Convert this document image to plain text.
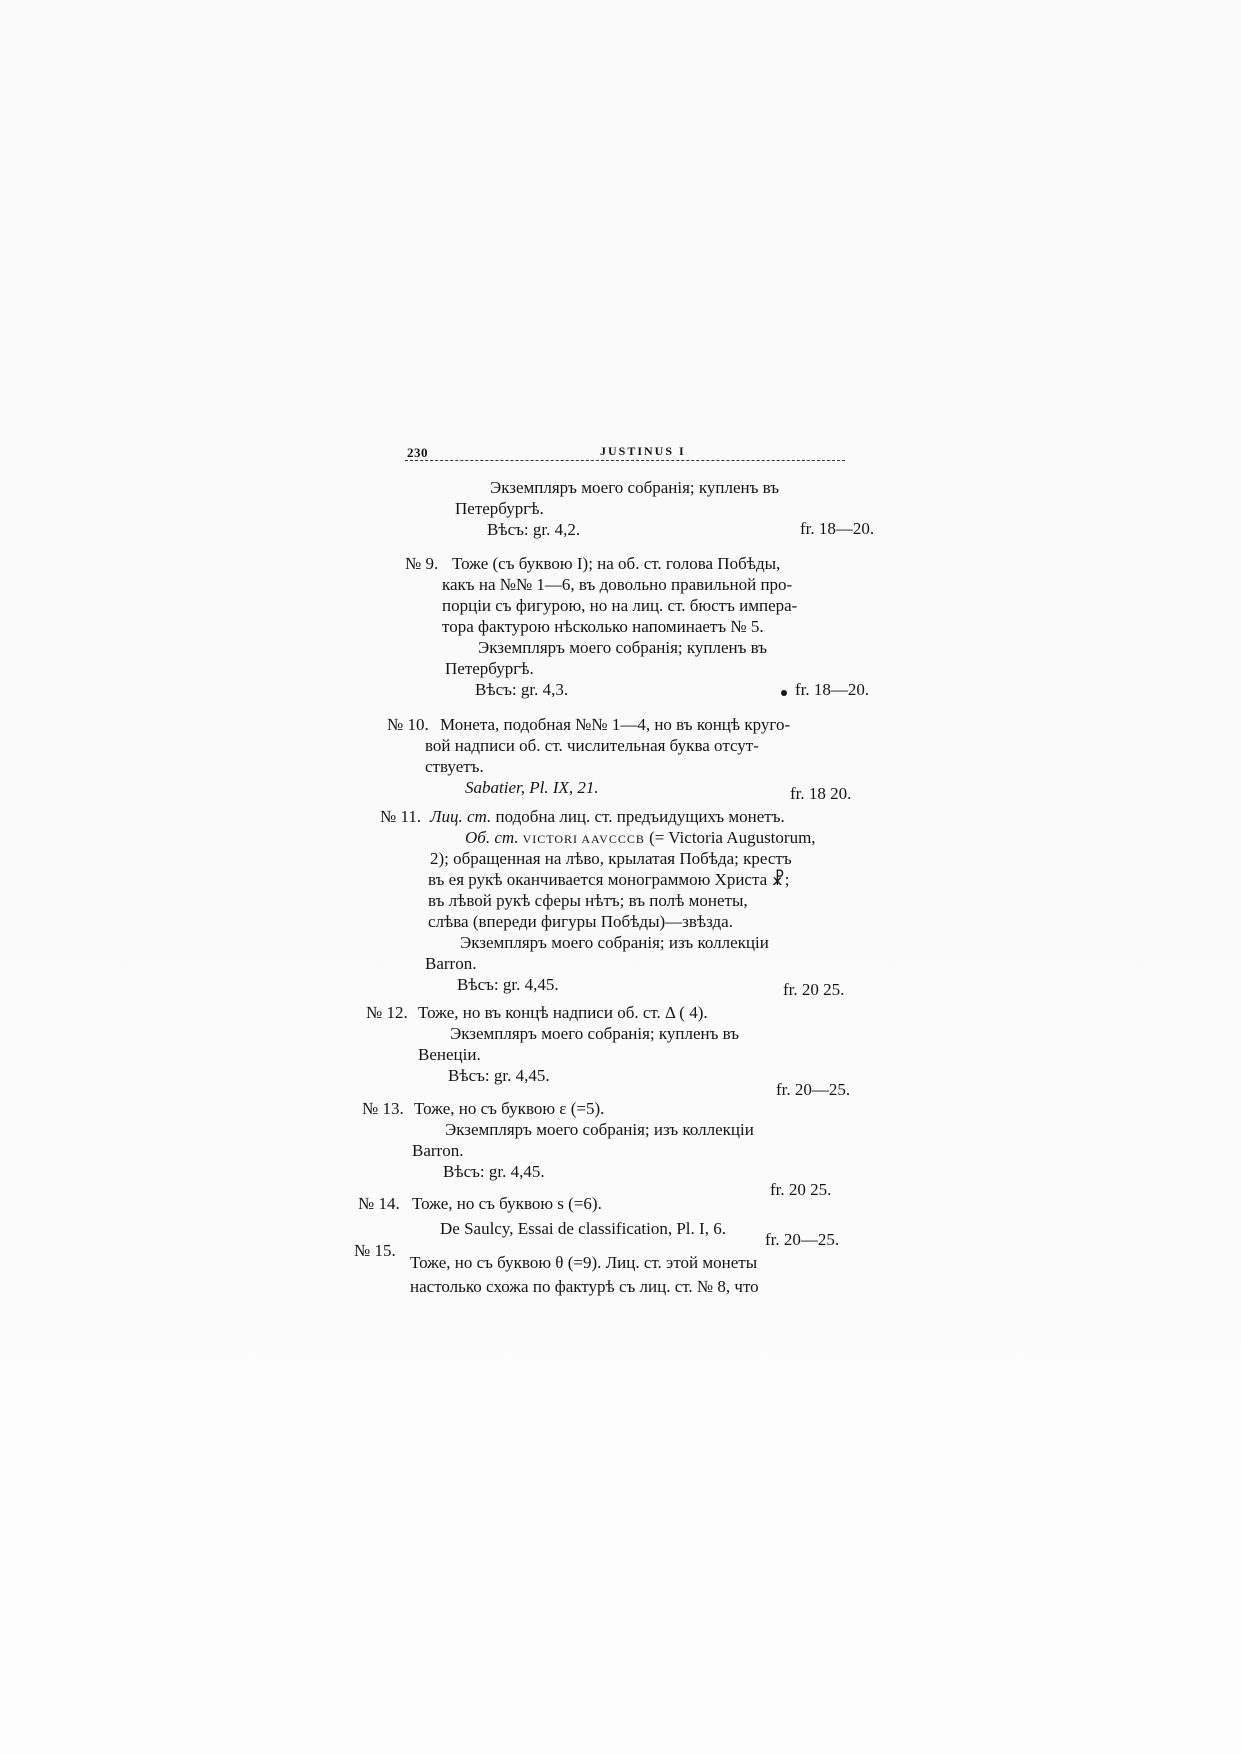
230	JUSTINUS I
Экземпляръ моего собранія; купленъ въ
Петербургѣ.
Вѣсъ: gr. 4,2.	fr. 18—20.
№ 9. Тоже (съ буквою I); на об. ст. голова Побѣды,
какъ на №№ 1—6, въ довольно правильной про-
порціи съ фигурою, но на лиц. ст. бюстъ импера-
тора фактурою нѣсколько напоминаетъ № 5.
Экземпляръ моего собранія; купленъ въ
Петербургѣ.
Вѣсъ: gr. 4,3.	fr. 18—20.
№ 10. Монета, подобная №№ 1—4, но въ концѣ круго-
вой надписи об. ст. числительная буква отсут-
ствуетъ.
Sabatier, Pl. IX, 21.	fr. 18 20.
№ 11. Лиц. ст. подобна лиц. ст. предъидущихъ монетъ.
Об. ст. VICTORI AAVCCCB (= Victoria Augustorum,
2); обращенная на лѣво, крылатая Побѣда; крестъ
въ ея рукѣ оканчивается монограммою Христа ☧;
въ лѣвой рукѣ сферы нѣтъ; въ полѣ монеты,
слѣва (впереди фигуры Побѣды)—звѣзда.
Экземпляръ моего собранія; изъ коллекціи
Barron.
Вѣсъ: gr. 4,45.	fr. 20 25.
№ 12. Тоже, но въ концѣ надписи об. ст. Δ ( 4).
Экземпляръ моего собранія; купленъ въ
Венеціи.
Вѣсъ: gr. 4,45.
fr. 20—25.
№ 13. Тоже, но съ буквою ε (=5).
Экземпляръ моего собранія; изъ коллекціи
Barron.
Вѣсъ: gr. 4,45.
fr. 20 25.
№ 14. Тоже, но съ буквою s (=6).
De Saulcy, Essai de classification, Pl. I, 6.
fr. 20—25.
№ 15.
Тоже, но съ буквою θ (=9). Лиц. ст. этой монеты
настолько схожа по фактурѣ съ лиц. ст. № 8, что
